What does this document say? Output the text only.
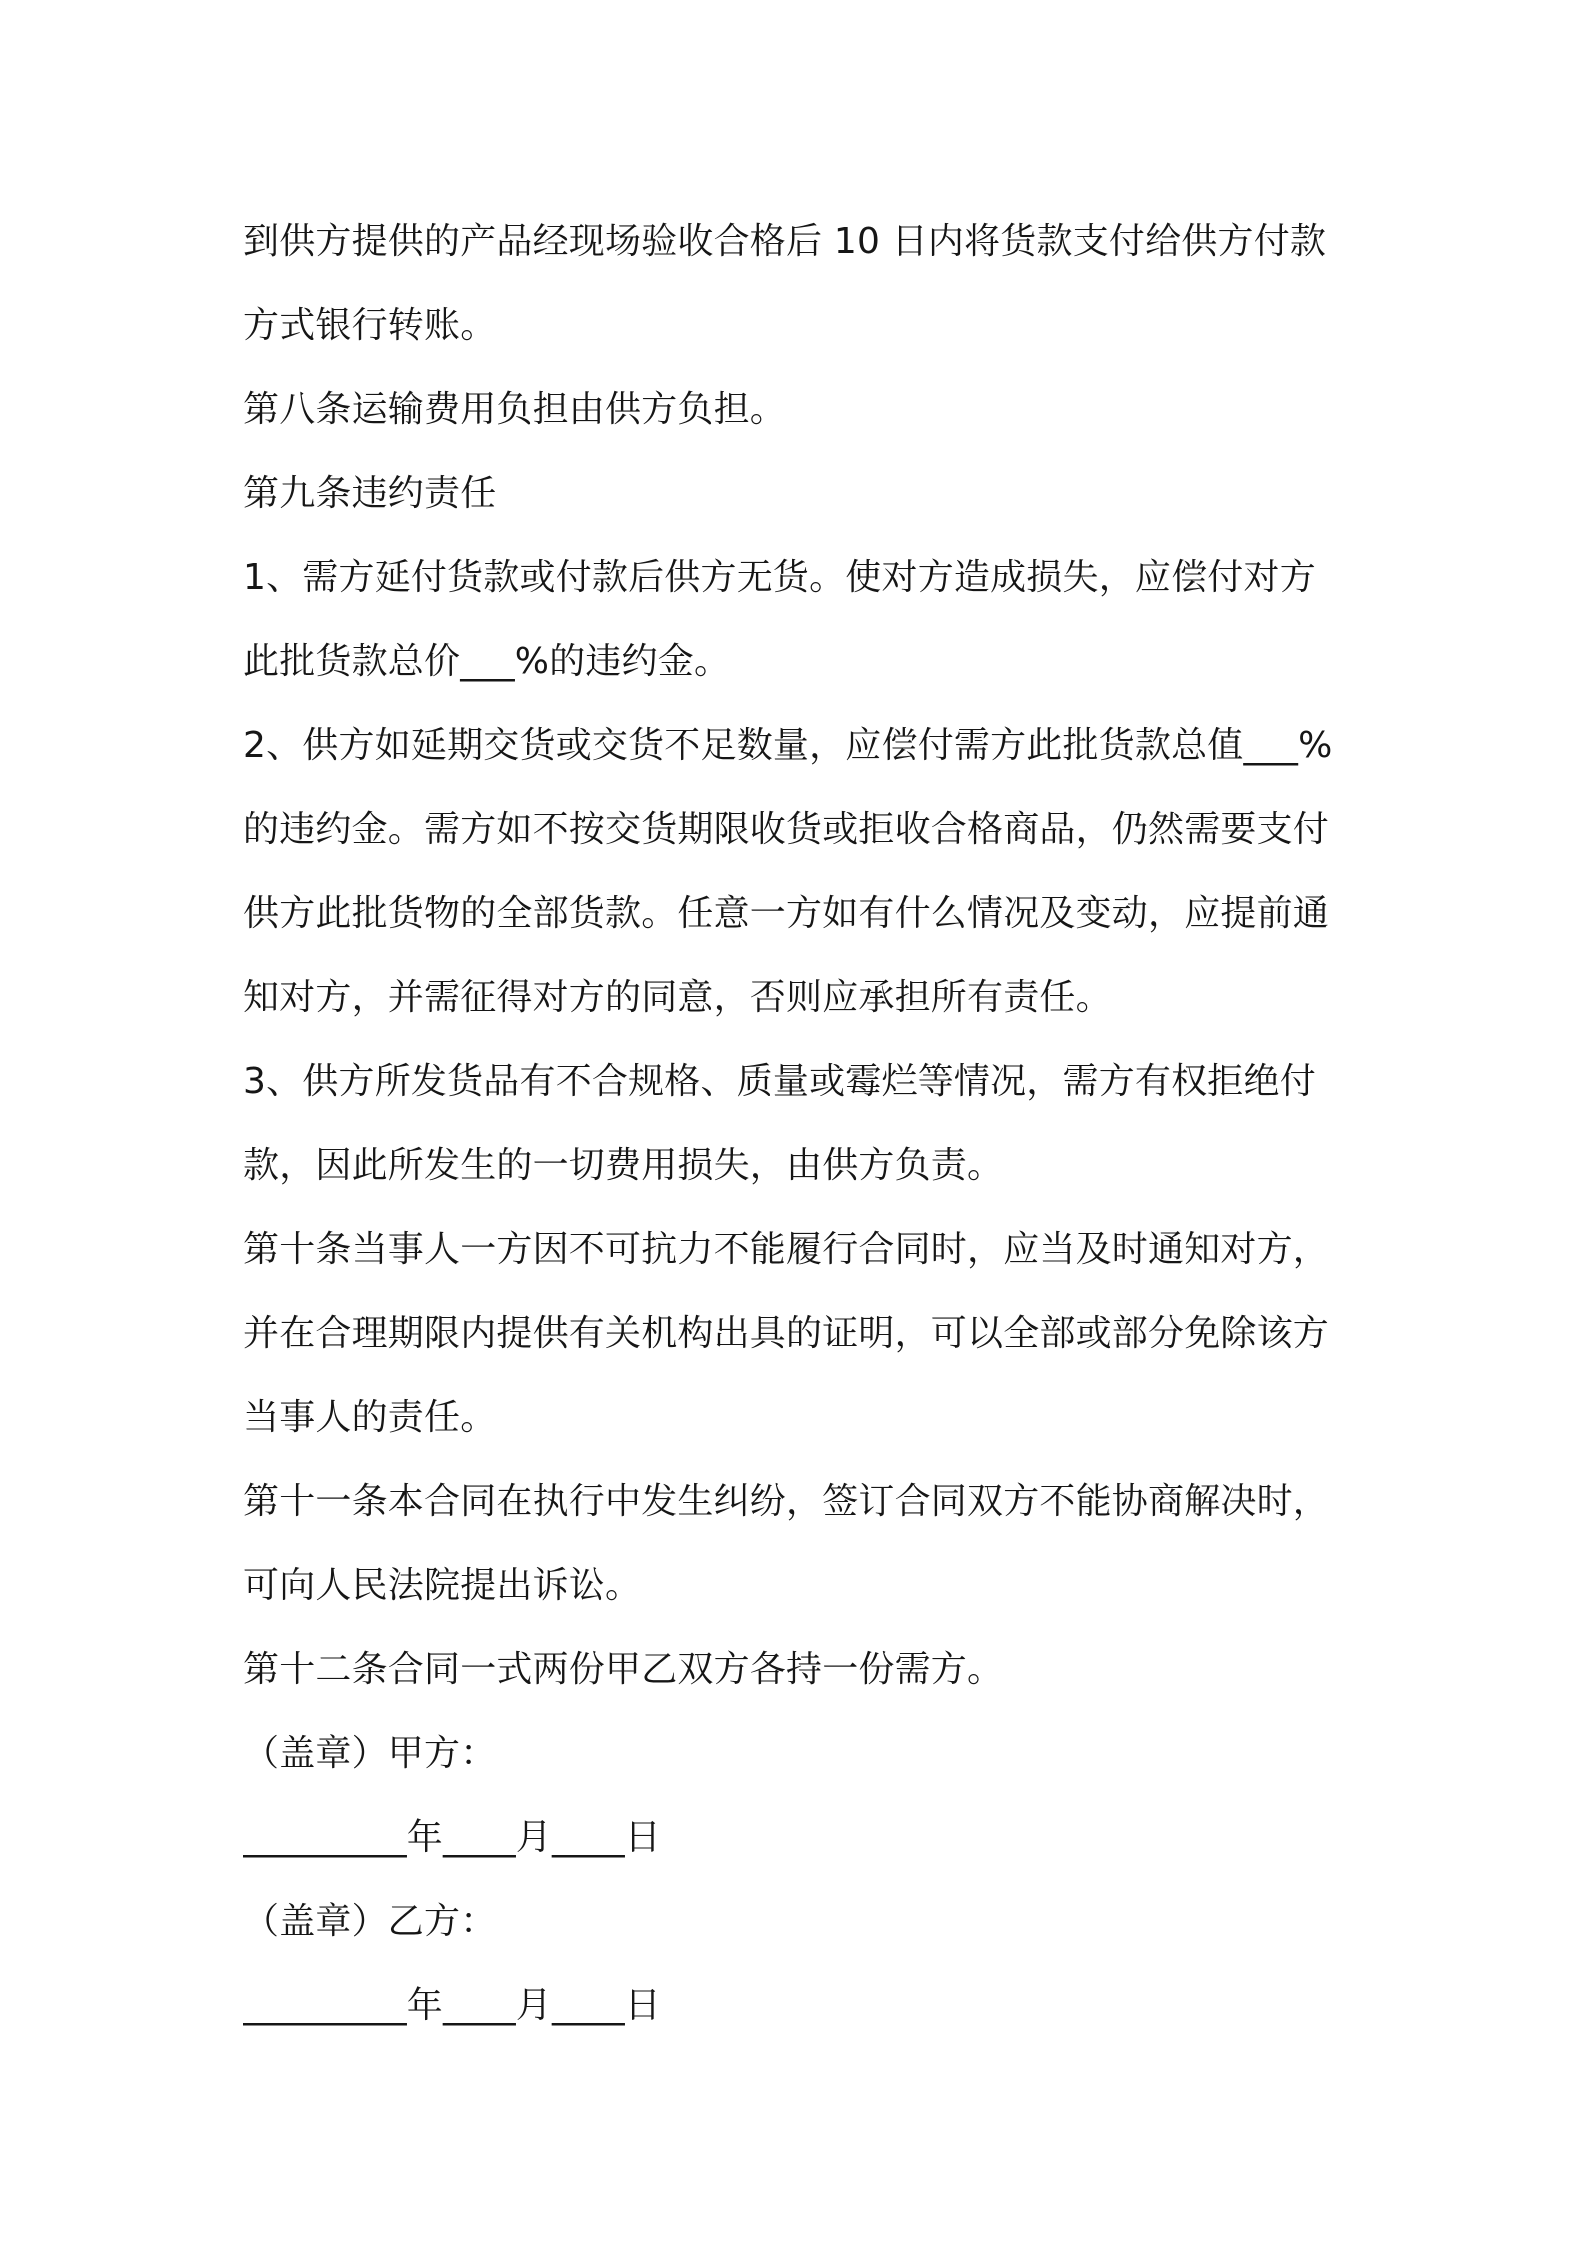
到供方提供的产品经现场验收合格后 10 日内将货款支付给供方付款
方式银行转账。
第八条运输费用负担由供方负担。
第九条违约责任
1、需方延付货款或付款后供方无货。使对方造成损失，应偿付对方
此批货款总价___%的违约金。
2、供方如延期交货或交货不足数量，应偿付需方此批货款总值___%
的违约金。需方如不按交货期限收货或拒收合格商品，仍然需要支付
供方此批货物的全部货款。任意一方如有什么情况及变动，应提前通
知对方，并需征得对方的同意，否则应承担所有责任。
3、供方所发货品有不合规格、质量或霉烂等情况，需方有权拒绝付
款，因此所发生的一切费用损失，由供方负责。
第十条当事人一方因不可抗力不能履行合同时，应当及时通知对方，
并在合理期限内提供有关机构出具的证明，可以全部或部分免除该方
当事人的责任。
第十一条本合同在执行中发生纠纷，签订合同双方不能协商解决时，
可向人民法院提出诉讼。
第十二条合同一式两份甲乙双方各持一份需方。
（盖章）甲方：
_________年____月____日
（盖章）乙方：
_________年____月____日
